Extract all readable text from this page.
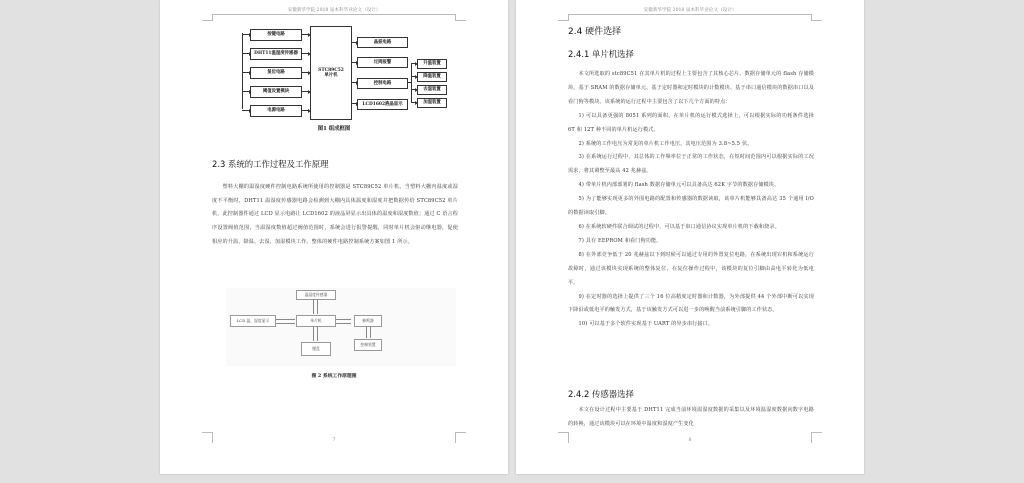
安徽新华学院 2018 届本科毕业论文（设计）
按键电路
DHT11温湿度传感器
复位电路
阈值设置模块
电源电路
STC89C52
单片机
晶振电路
过阀报警
控制电路
LCD1602液晶显示
升温装置
降温装置
去湿装置
加湿装置
图1 组成框图
2.3 系统的工作过程及工作原理

塑料大棚的温湿度硬件控制电路系统所使用的控制器是 STC89C52 单片机。当塑料大棚内温度或湿度不平衡时，DHT11 温湿度传感器电路会检测到大棚内具体温度和湿度并把数据传给 STC89C52 单片机，此控制器件通过 LCD 显示电路让 LCD1602 的液晶屏显示出具体的温度和湿度数值；通过 C 语言程序设置阀值范围，当温湿度数值超过阀值范围时，系统会进行报警提醒，同时单片机会驱动继电器，促使相应的升温、降温、去湿、加湿模块工作。整体的硬件电路控制系统方案如图 1 所示。

温湿度传感器
单片机
LCD 温、湿度显示	蜂鸣器
键盘
控制装置
图 2 系统工作原理图
7
安徽新华学院 2018 届本科毕业论文（设计）
2.4 硬件选择
2.4.1 单片机选择

本文所选取的 stc89C51 在其单片机的过程上主要包含了其核心芯片、数据存储单元的 flash 存储模块、基于 SRAM 的数据存储单元、基于定时器和定时模块的计数模块、基于串口通信模块的数据串口以及看门狗等模块。该系统的运行过程中主要包含了以下几个方面的特点：

1) 可以具备更强的 8051 系列的面积，在单片机的运行模式选择上，可以根据实际的功耗条件选择 6T 和 12T 种不同的单片机运行模式。

2) 系统的工作电压为常见的单片机工作电压，其电压范围为 3.8~5.5 伏。

3) 在系统运行过程中，其总体的工作频率位于正常的工作状态，在短时间范围内可以根据实际的工况需求，将其调整至最高 42 兆赫兹。

4) 带单片机内部部署的 flash 数据存储单元可以具备高达 62K 字节的数据存储模块。

5) 为了能够实现更多的外围电路的配置和传感器的数据读取，该单片机能够具备高达 35 个通用 I/O 的数据读取引脚。

6) 在系统软硬件联合调试的过程中，可以基于串口通信协议实现单片机的下载和烧录。

7) 具有 EEPROM 和看门狗功能。

8) 在外部竞争低于 20 兆赫兹以下到时候可以通过专用的外置复位电路，在系统出现宕机和系统运行故障时，通过该模块实现系统的整体复位，在复位操作过程中，该模块的复位引脚由高电平转化为低电平。

9) 在定时器的选择上提供了三个 16 位高精度定时器和计数器，为外部提供 44 个外部中断可以实现下降沿或低电平的触发方式，基于该触发方式可以进一步的唤醒当前系统引脚的工作状态。

10) 可以基于多个软件实现基于 UART 的异步串行接口。

2.4.2 传感器选择

本文在设计过程中主要基于 DHT11 完成当前环境温湿度数据的采集以及环境温湿度数据向数字电路的转换，通过该模块可以在环境中温度和湿度产生变化

8
